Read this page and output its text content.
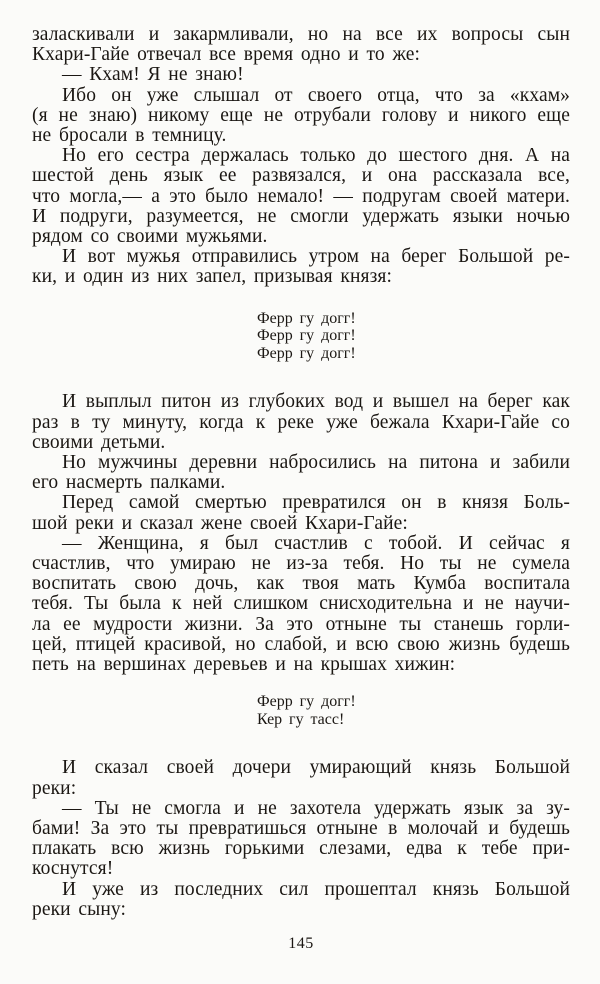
заласкивали и закармливали, но на все их вопросы сын
Кхари-Гайе отвечал все время одно и то же:
— Кхам! Я не знаю!
Ибо он уже слышал от своего отца, что за «кхам»
(я не знаю) никому еще не отрубали голову и никого еще
не бросали в темницу.
Но его сестра держалась только до шестого дня. А на
шестой день язык ее развязался, и она рассказала все,
что могла,— а это было немало! — подругам своей матери.
И подруги, разумеется, не смогли удержать языки ночью
рядом со своими мужьями.
И вот мужья отправились утром на берег Большой ре-
ки, и один из них запел, призывая князя:
Ферр гу догг!
Ферр гу догг!
Ферр гу догг!
И выплыл питон из глубоких вод и вышел на берег как
раз в ту минуту, когда к реке уже бежала Кхари-Гайе со
своими детьми.
Но мужчины деревни набросились на питона и забили
его насмерть палками.
Перед самой смертью превратился он в князя Боль-
шой реки и сказал жене своей Кхари-Гайе:
— Женщина, я был счастлив с тобой. И сейчас я
счастлив, что умираю не из-за тебя. Но ты не сумела
воспитать свою дочь, как твоя мать Кумба воспитала
тебя. Ты была к ней слишком снисходительна и не научи-
ла ее мудрости жизни. За это отныне ты станешь горли-
цей, птицей красивой, но слабой, и всю свою жизнь будешь
петь на вершинах деревьев и на крышах хижин:
Ферр гу догг!
Кер гу тасс!
И сказал своей дочери умирающий князь Большой
реки:
— Ты не смогла и не захотела удержать язык за зу-
бами! За это ты превратишься отныне в молочай и будешь
плакать всю жизнь горькими слезами, едва к тебе при-
коснутся!
И уже из последних сил прошептал князь Большой
реки сыну:
145
